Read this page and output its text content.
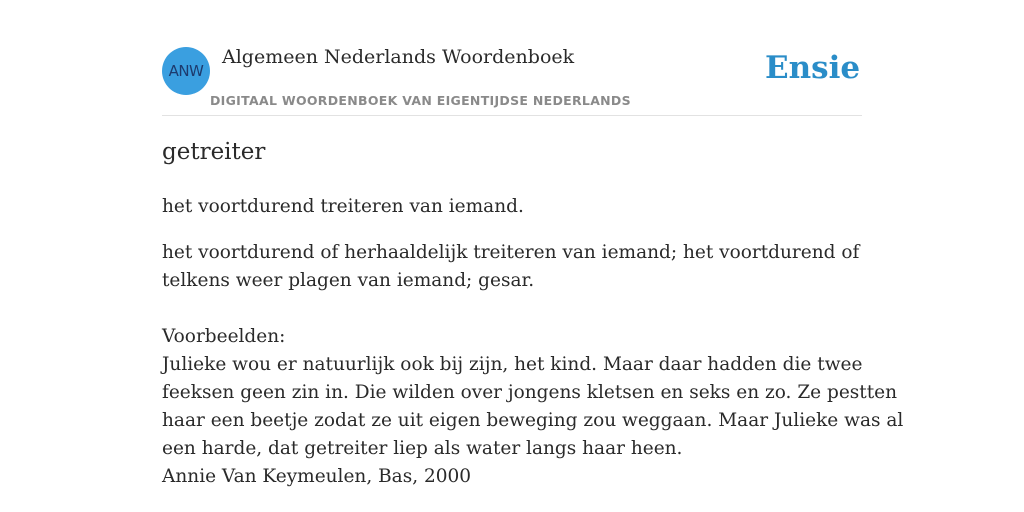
ANW
Algemeen Nederlands Woordenboek
DIGITAAL WOORDENBOEK VAN EIGENTIJDSE NEDERLANDS
Ensie
getreiter
het voortdurend treiteren van iemand.
het voortdurend of herhaaldelijk treiteren van iemand; het voortdurend of
telkens weer plagen van iemand; gesar.
Voorbeelden:
Julieke wou er natuurlijk ook bij zijn, het kind. Maar daar hadden die twee
feeksen geen zin in. Die wilden over jongens kletsen en seks en zo. Ze pestten
haar een beetje zodat ze uit eigen beweging zou weggaan. Maar Julieke was al
een harde, dat getreiter liep als water langs haar heen.
Annie Van Keymeulen, Bas, 2000
